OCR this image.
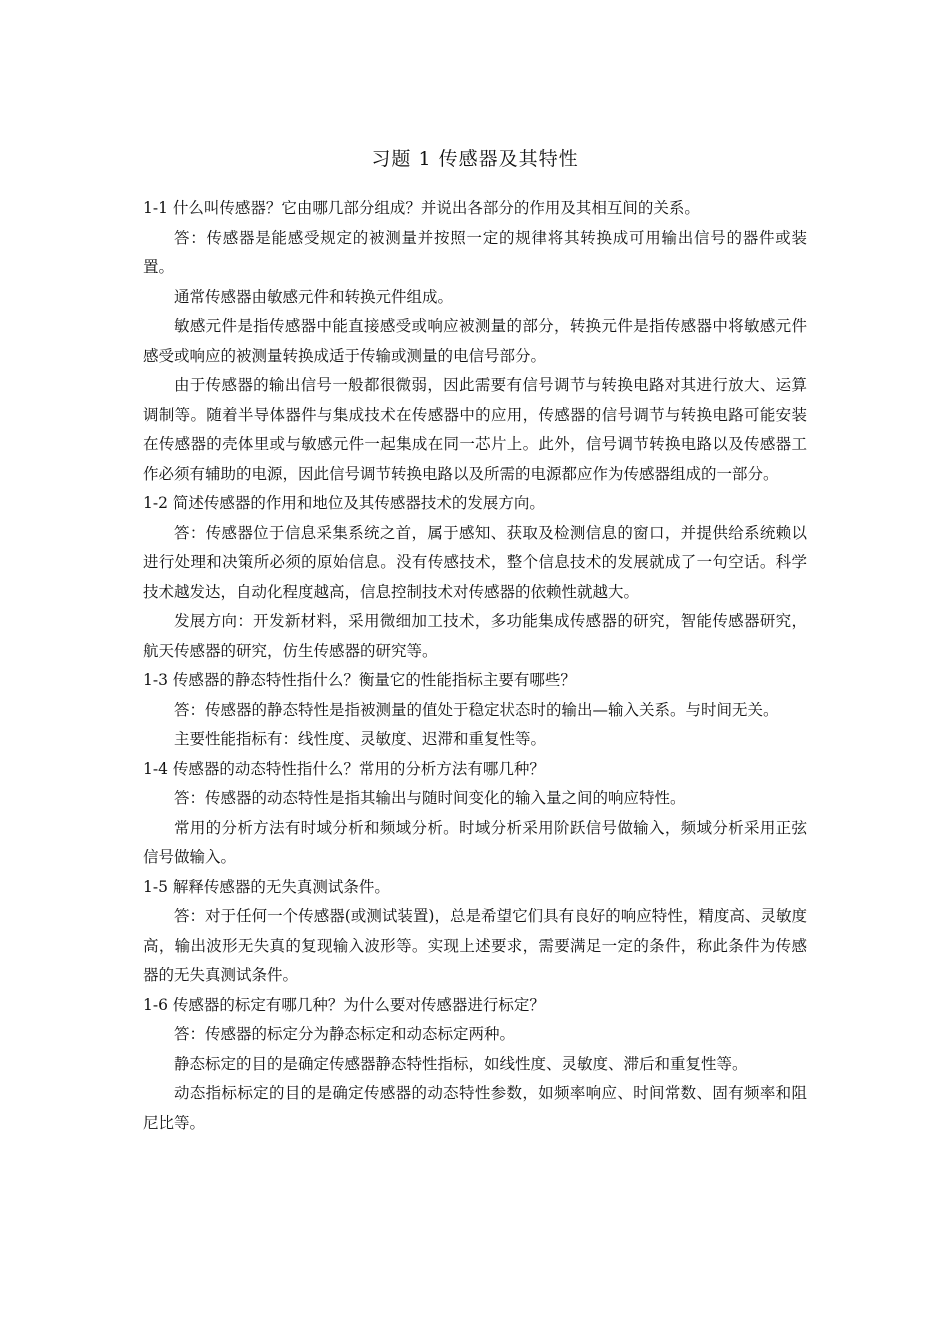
习题 1 传感器及其特性

1-1 什么叫传感器？它由哪几部分组成？并说出各部分的作用及其相互间的关系。

答：传感器是能感受规定的被测量并按照一定的规律将其转换成可用输出信号的器件或装置。

通常传感器由敏感元件和转换元件组成。

敏感元件是指传感器中能直接感受或响应被测量的部分，转换元件是指传感器中将敏感元件感受或响应的被测量转换成适于传输或测量的电信号部分。

由于传感器的输出信号一般都很微弱，因此需要有信号调节与转换电路对其进行放大、运算调制等。随着半导体器件与集成技术在传感器中的应用，传感器的信号调节与转换电路可能安装在传感器的壳体里或与敏感元件一起集成在同一芯片上。此外，信号调节转换电路以及传感器工作必须有辅助的电源，因此信号调节转换电路以及所需的电源都应作为传感器组成的一部分。

1-2 简述传感器的作用和地位及其传感器技术的发展方向。

答：传感器位于信息采集系统之首，属于感知、获取及检测信息的窗口，并提供给系统赖以进行处理和决策所必须的原始信息。没有传感技术，整个信息技术的发展就成了一句空话。科学技术越发达，自动化程度越高，信息控制技术对传感器的依赖性就越大。

发展方向：开发新材料，采用微细加工技术，多功能集成传感器的研究，智能传感器研究，航天传感器的研究，仿生传感器的研究等。

1-3 传感器的静态特性指什么？衡量它的性能指标主要有哪些？

答：传感器的静态特性是指被测量的值处于稳定状态时的输出—输入关系。与时间无关。

主要性能指标有：线性度、灵敏度、迟滞和重复性等。

1-4 传感器的动态特性指什么？常用的分析方法有哪几种？

答：传感器的动态特性是指其输出与随时间变化的输入量之间的响应特性。

常用的分析方法有时域分析和频域分析。时域分析采用阶跃信号做输入，频域分析采用正弦信号做输入。

1-5 解释传感器的无失真测试条件。

答：对于任何一个传感器(或测试装置)，总是希望它们具有良好的响应特性，精度高、灵敏度高，输出波形无失真的复现输入波形等。实现上述要求，需要满足一定的条件，称此条件为传感器的无失真测试条件。

1-6 传感器的标定有哪几种？为什么要对传感器进行标定？

答：传感器的标定分为静态标定和动态标定两种。

静态标定的目的是确定传感器静态特性指标，如线性度、灵敏度、滞后和重复性等。

动态指标标定的目的是确定传感器的动态特性参数，如频率响应、时间常数、固有频率和阻尼比等。
